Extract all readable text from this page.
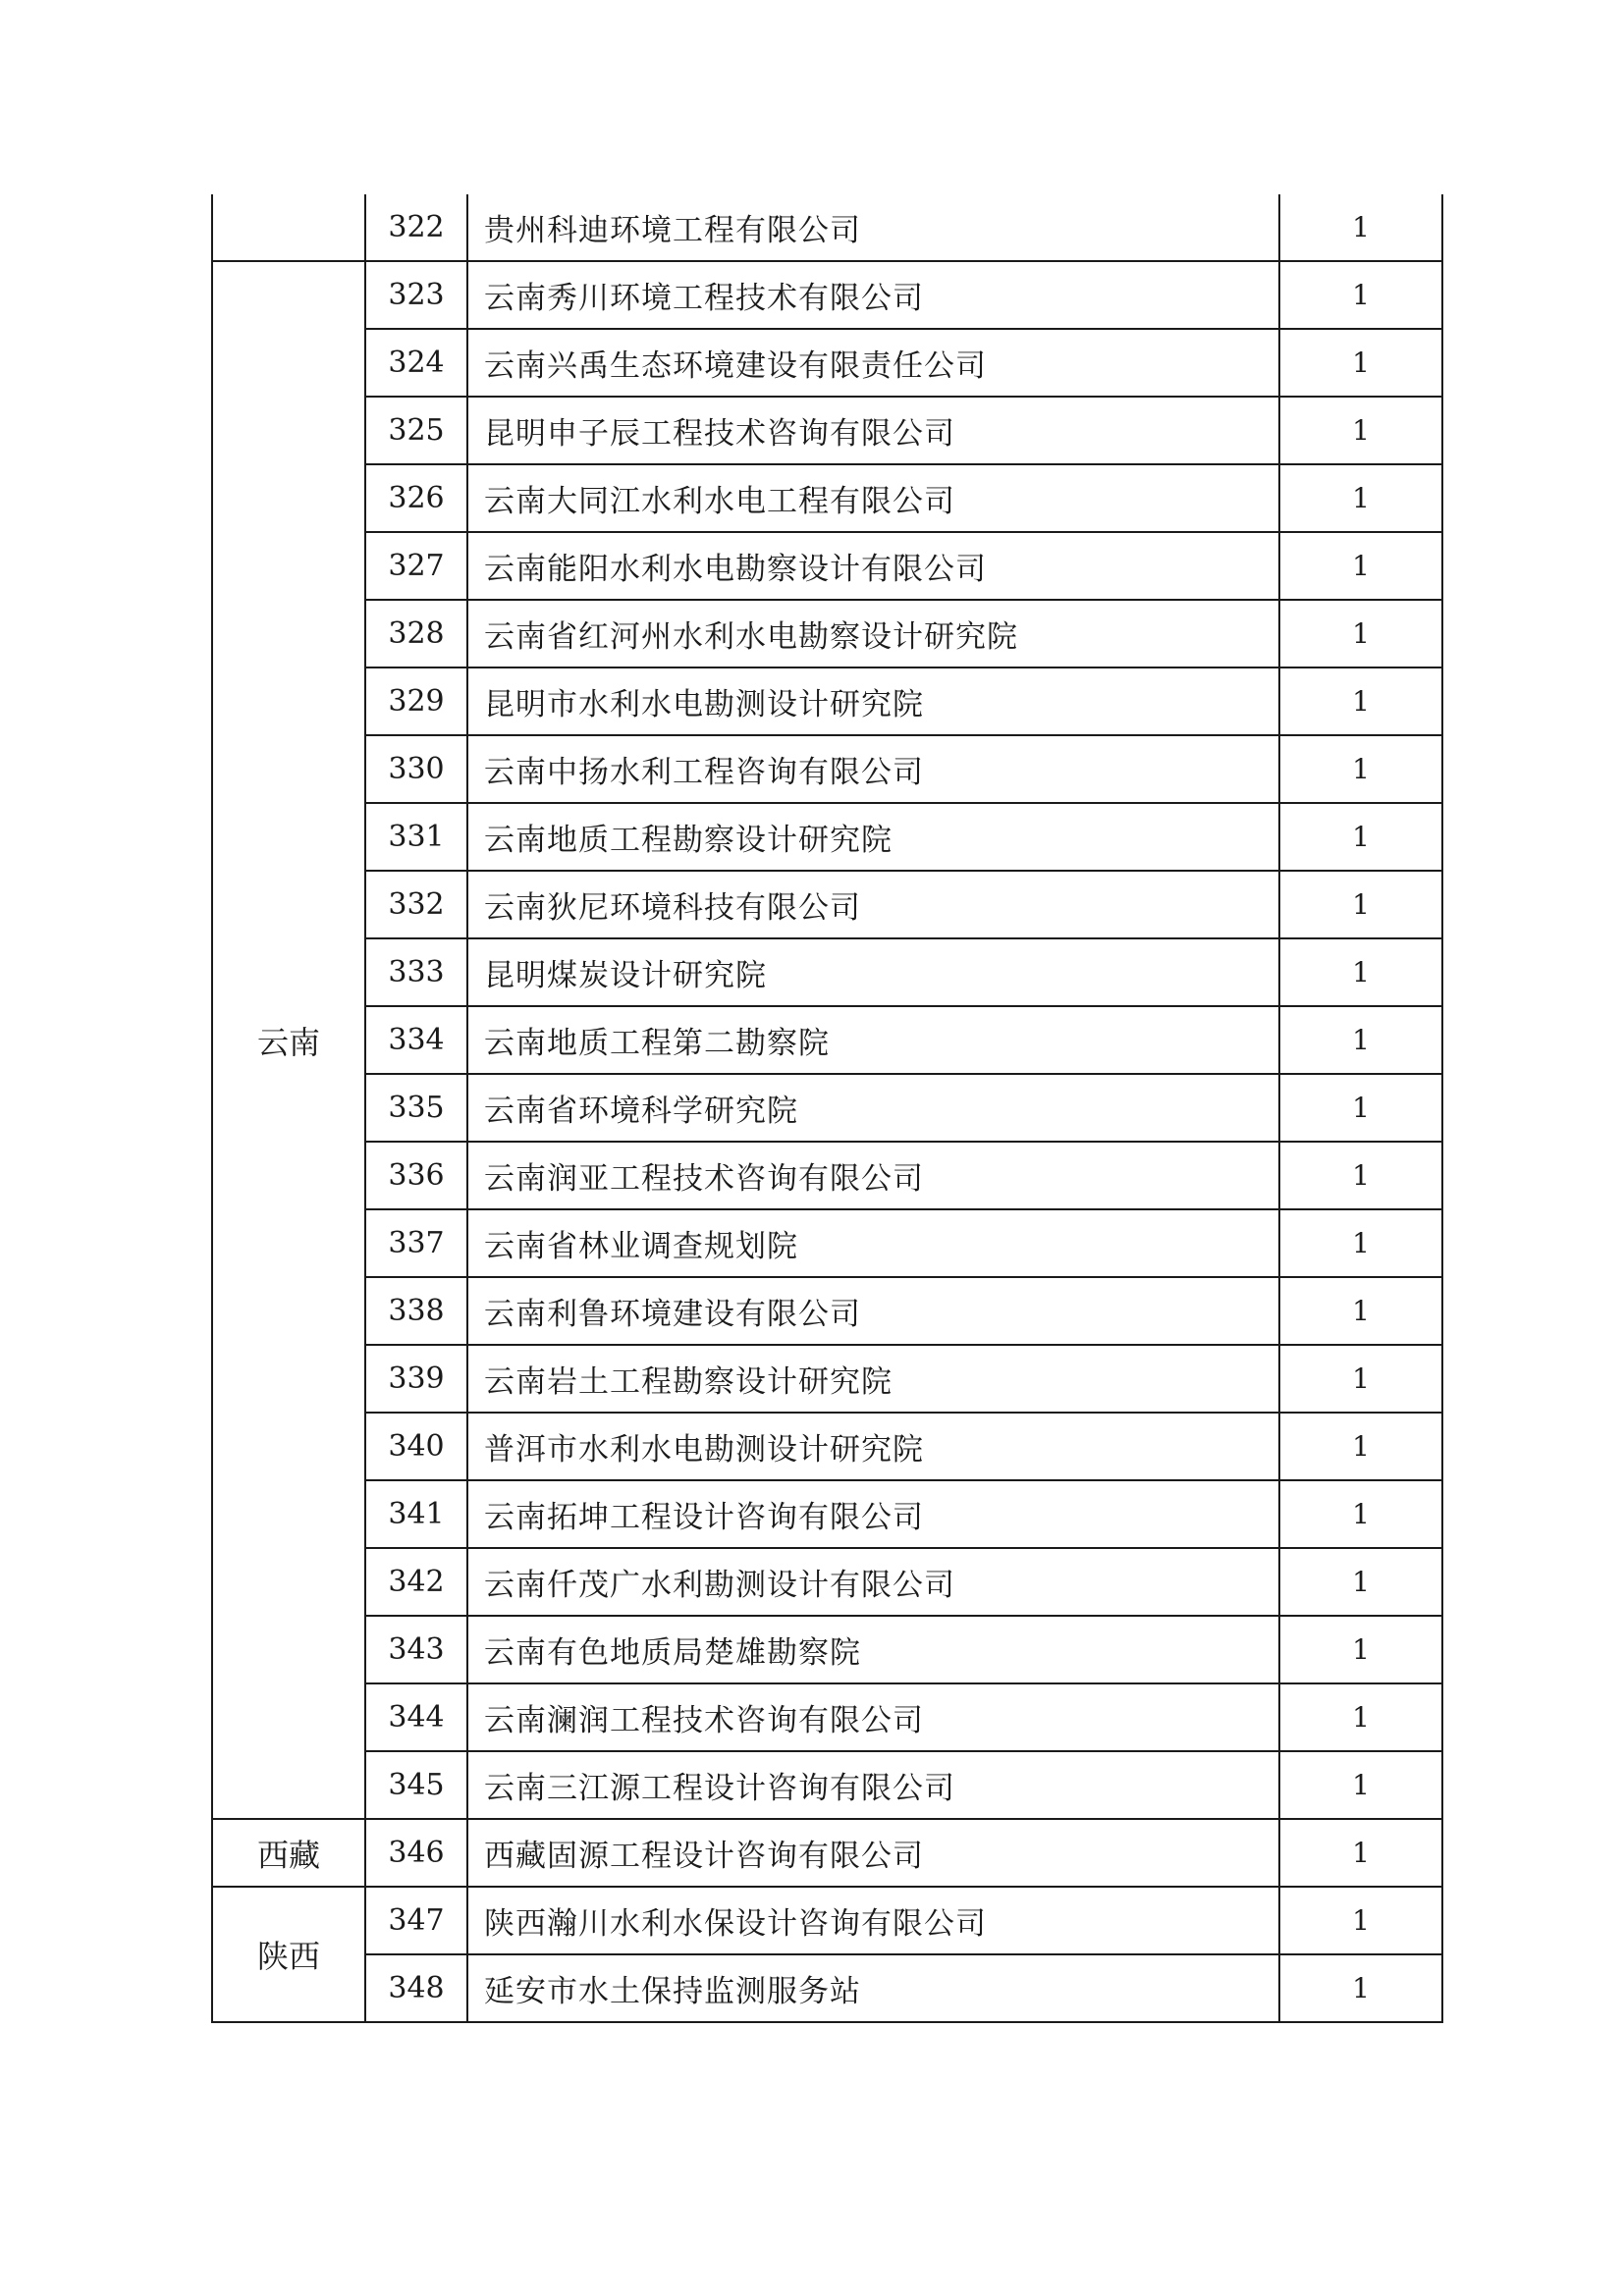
	322	贵州科迪环境工程有限公司	1
云南	323	云南秀川环境工程技术有限公司	1
	324	云南兴禹生态环境建设有限责任公司	1
	325	昆明申子辰工程技术咨询有限公司	1
	326	云南大同江水利水电工程有限公司	1
	327	云南能阳水利水电勘察设计有限公司	1
	328	云南省红河州水利水电勘察设计研究院	1
	329	昆明市水利水电勘测设计研究院	1
	330	云南中扬水利工程咨询有限公司	1
	331	云南地质工程勘察设计研究院	1
	332	云南狄尼环境科技有限公司	1
	333	昆明煤炭设计研究院	1
	334	云南地质工程第二勘察院	1
	335	云南省环境科学研究院	1
	336	云南润亚工程技术咨询有限公司	1
	337	云南省林业调查规划院	1
	338	云南利鲁环境建设有限公司	1
	339	云南岩土工程勘察设计研究院	1
	340	普洱市水利水电勘测设计研究院	1
	341	云南拓坤工程设计咨询有限公司	1
	342	云南仟茂广水利勘测设计有限公司	1
	343	云南有色地质局楚雄勘察院	1
	344	云南澜润工程技术咨询有限公司	1
	345	云南三江源工程设计咨询有限公司	1
西藏	346	西藏固源工程设计咨询有限公司	1
陕西	347	陕西瀚川水利水保设计咨询有限公司	1
	348	延安市水土保持监测服务站	1
